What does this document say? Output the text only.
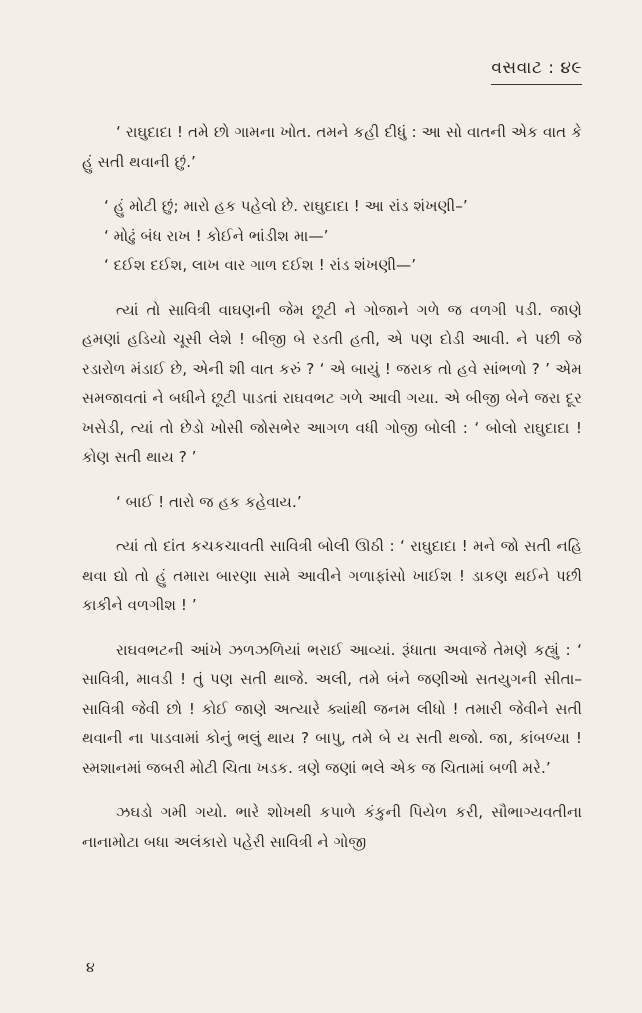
વસવાટ : ૪૯

‘ રાઘુદાદા ! તમે છો ગામના ખોત. તમને કહી દીધું : આ સો વાતની એક વાત કે હું સતી થવાની છું.’

‘ હું મોટી છું; મારો હક પહેલો છે. રાઘુદાદા ! આ રાંડ શંખણી–’

‘ મોઢું બંધ રાખ ! કોઈને ભાંડીશ મા—’

‘ દઈશ દઈશ, લાખ વાર ગાળ દઈશ ! રાંડ શંખણી—’

ત્યાં તો સાવિત્રી વાઘણની જેમ છૂટી ને ગોજાને ગળે જ વળગી પડી. જાણે હમણાં હડિયો ચૂસી લેશે ! બીજી બે રડતી હતી, એ પણ દોડી આવી. ને પછી જે રડારોળ મંડાઈ છે, એની શી વાત કરું ? ‘ એ બાયું ! જરાક તો હવે સાંભળો ? ’ એમ સમજાવતાં ને બધીને છૂટી પાડતાં રાઘવભટ ગળે આવી ગયા. એ બીજી બેને જરા દૂર ખસેડી, ત્યાં તો છેડો ખોસી જોસભેર આગળ વધી ગોજી બોલી : ‘ બોલો રાઘુદાદા ! કોણ સતી થાય ? ’

‘ બાઈ ! તારો જ હક કહેવાય.’

ત્યાં તો દાંત કચકચાવતી સાવિત્રી બોલી ઊઠી : ‘ રાઘુદાદા ! મને જો સતી નહિ થવા દ્યો તો હું તમારા બારણા સામે આવીને ગળાફાંસો ખાઈશ ! ડાકણ થઈને પછી કાકીને વળગીશ ! ’

રાઘવભટની આંખે ઝળઝળિયાં ભરાઈ આવ્યાં. રૂંધાતા અવાજે તેમણે કહ્યું : ‘ સાવિત્રી, માવડી ! તું પણ સતી થાજે. અલી, તમે બંને જણીઓ સતયુગની સીતા–સાવિત્રી જેવી છો ! કોઈ જાણે અત્યારે ક્યાંથી જનમ લીધો ! તમારી જેવીને સતી થવાની ના પાડવામાં કોનું ભલું થાય ? બાપુ, તમે બે ય સતી થજો. જા, કાંબળ્યા ! સ્મશાનમાં જબરી મોટી ચિતા ખડક. ત્રણે જણાં ભલે એક જ ચિતામાં બળી મરે.’

ઝઘડો ગમી ગયો. ભારે શોખથી કપાળે કંકુની પિયેળ કરી, સૌભાગ્યવતીના નાનામોટા બધા અલંકારો પહેરી સાવિત્રી ને ગોજી

૪
